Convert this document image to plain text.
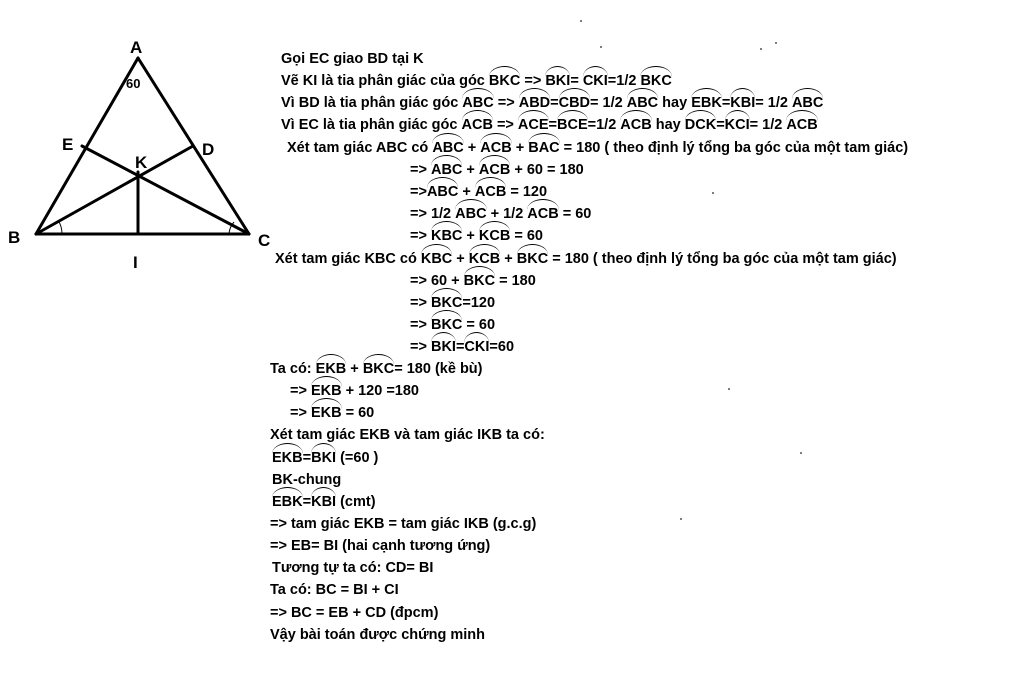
A
B	C
D
E
K
I
60
Gọi EC giao BD tại K
Vẽ KI là tia phân giác của góc BKC => BKI= CKI=1/2 BKC
Vì BD là tia phân giác góc ABC => ABD=CBD= 1/2 ABC hay EBK=KBI= 1/2 ABC
Vì EC là tia phân giác góc ACB => ACE=BCE=1/2 ACB hay DCK=KCI= 1/2 ACB
Xét tam giác ABC có ABC + ACB + BAC = 180 ( theo định lý tổng ba góc của một tam giác)
=> ABC + ACB + 60 = 180
=>ABC + ACB = 120
=> 1/2 ABC + 1/2 ACB = 60
=> KBC + KCB = 60
Xét tam giác KBC có KBC + KCB + BKC = 180 ( theo định lý tổng ba góc của một tam giác)
=> 60 + BKC = 180
=> BKC=120
=> BKC = 60
=> BKI=CKI=60
Ta có: EKB + BKC= 180 (kề bù)
=> EKB + 120 =180
=> EKB = 60
Xét tam giác EKB và tam giác IKB ta có:
EKB=BKI (=60 )
BK-chung
EBK=KBI (cmt)
=> tam giác EKB = tam giác IKB (g.c.g)
=> EB= BI (hai cạnh tương ứng)
Tương tự ta có: CD= BI
Ta có: BC = BI + CI
=> BC = EB + CD (đpcm)
Vậy bài toán được chứng minh
